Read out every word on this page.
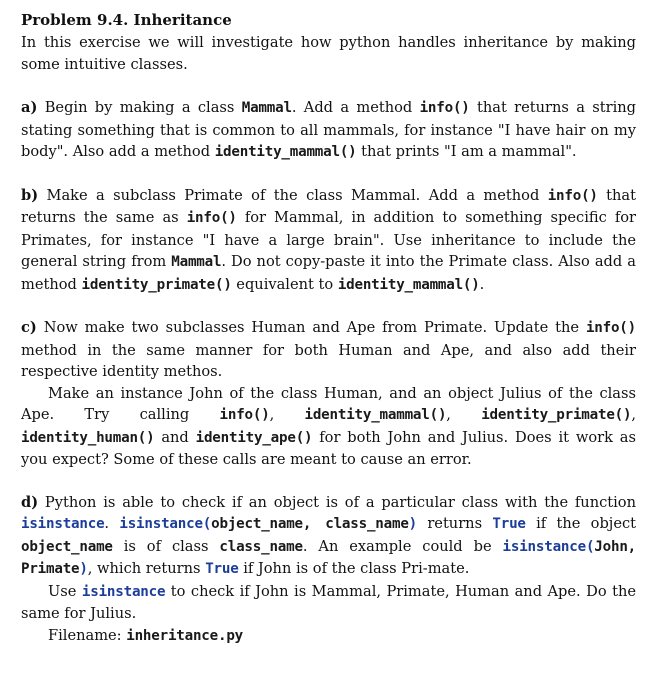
Problem 9.4. Inheritance

In this exercise we will investigate how python handles inheritance by making some intuitive classes.

a) Begin by making a class Mammal. Add a method info() that returns a string stating something that is common to all mammals, for instance "I have hair on my body". Also add a method identity_mammal() that prints "I am a mammal".

b) Make a subclass Primate of the class Mammal. Add a method info() that returns the same as info() for Mammal, in addition to something specific for Primates, for instance "I have a large brain". Use inheritance to include the general string from Mammal. Do not copy-paste it into the Primate class. Also add a method identity_primate() equivalent to identity_mammal().

c) Now make two subclasses Human and Ape from Primate. Update the info() method in the same manner for both Human and Ape, and also add their respective identity methos.

Make an instance John of the class Human, and an object Julius of the class Ape. Try calling info(), identity_mammal(), identity_primate(), identity_human() and identity_ape() for both John and Julius. Does it work as you expect? Some of these calls are meant to cause an error.

d) Python is able to check if an object is of a particular class with the function isinstance. isinstance(object_name, class_name) returns True if the object object_name is of class class_name. An example could be isinstance(John, Primate), which returns True if John is of the class Pri-mate.

Use isinstance to check if John is Mammal, Primate, Human and Ape. Do the same for Julius.

Filename: inheritance.py
